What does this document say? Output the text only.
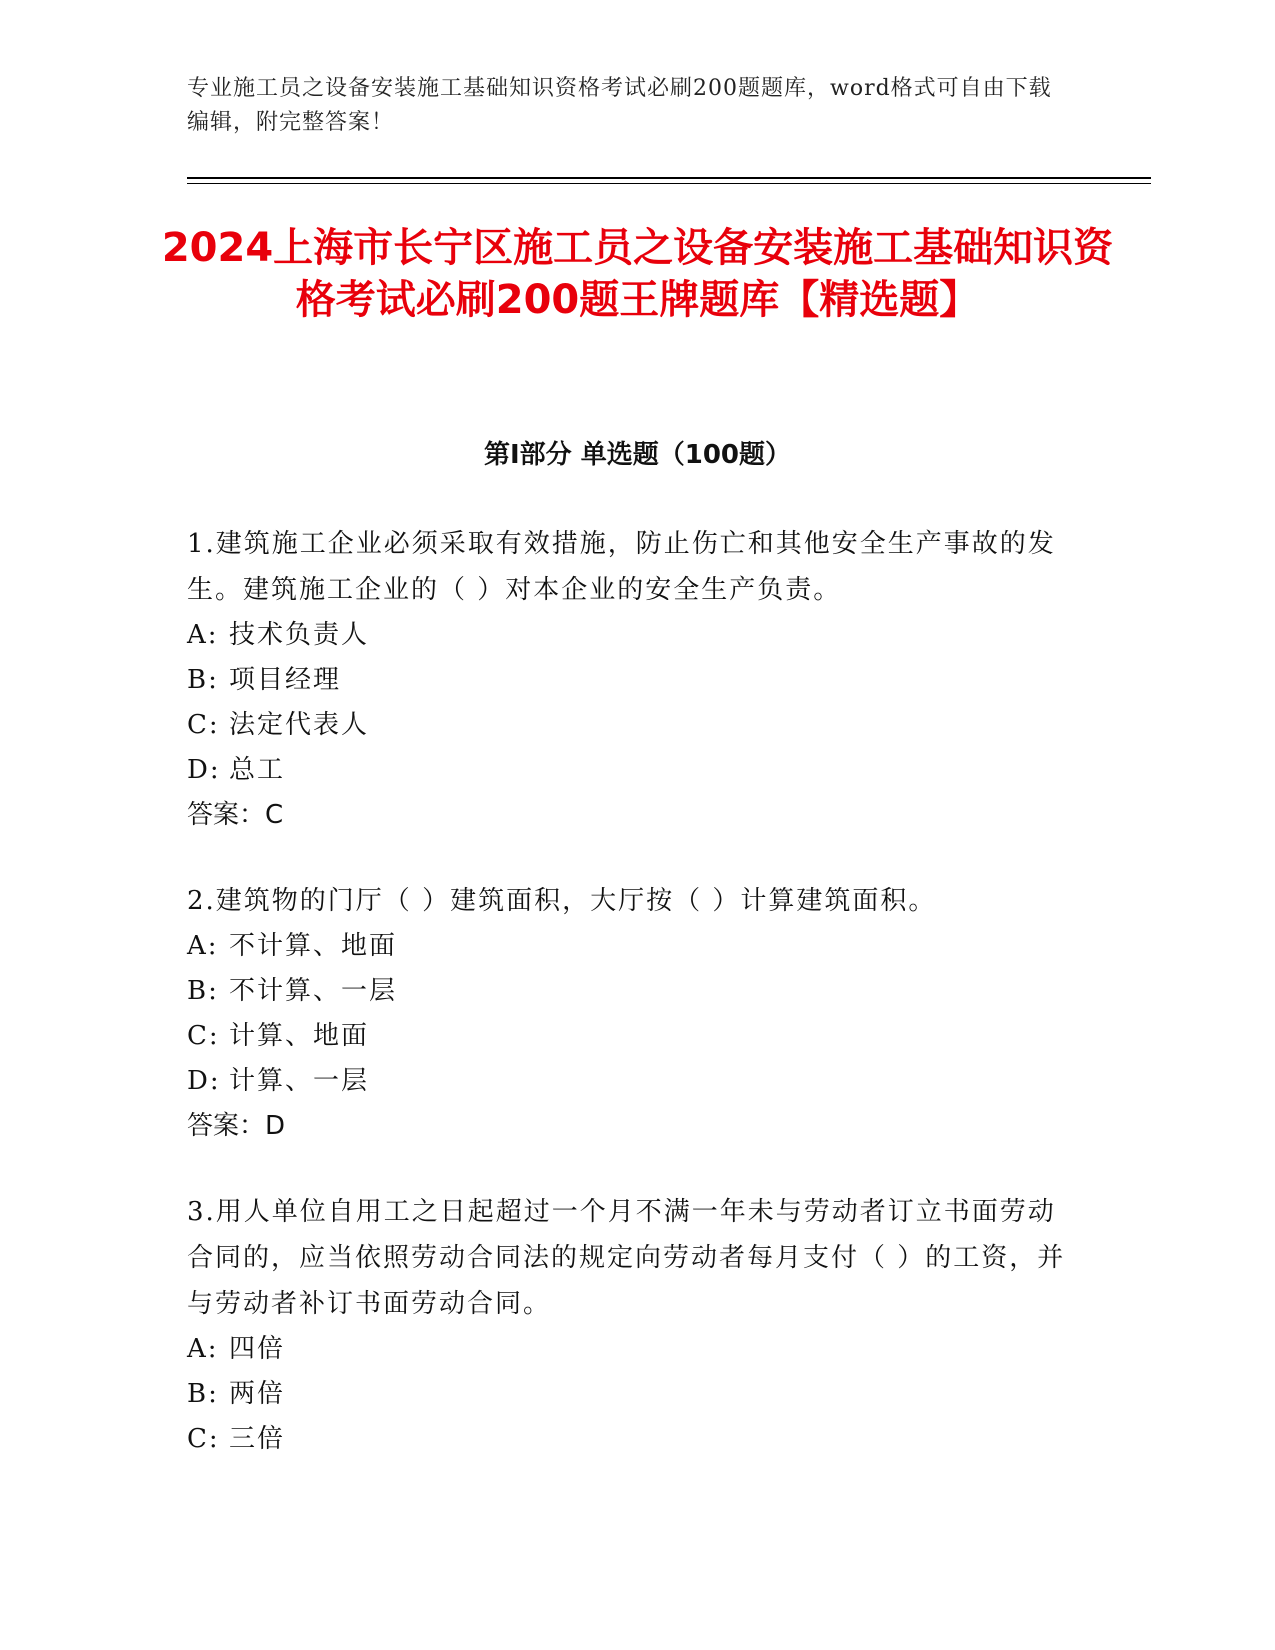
专业施工员之设备安装施工基础知识资格考试必刷200题题库，word格式可自由下载编辑，附完整答案！
2024上海市长宁区施工员之设备安装施工基础知识资格考试必刷200题王牌题库【精选题】
第I部分 单选题（100题）
1.建筑施工企业必须采取有效措施，防止伤亡和其他安全生产事故的发生。建筑施工企业的（ ）对本企业的安全生产负责。
A: 技术负责人
B: 项目经理
C: 法定代表人
D: 总工
答案：C
2.建筑物的门厅（ ）建筑面积，大厅按（ ）计算建筑面积。
A: 不计算、地面
B: 不计算、一层
C: 计算、地面
D: 计算、一层
答案：D
3.用人单位自用工之日起超过一个月不满一年未与劳动者订立书面劳动合同的，应当依照劳动合同法的规定向劳动者每月支付（ ）的工资，并与劳动者补订书面劳动合同。
A: 四倍
B: 两倍
C: 三倍
